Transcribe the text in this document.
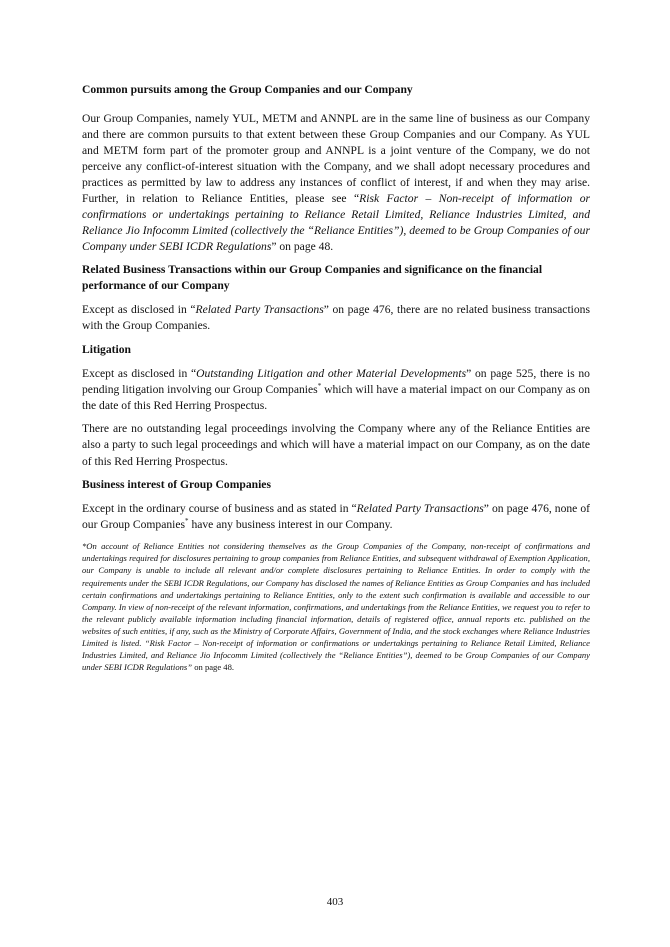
Common pursuits among the Group Companies and our Company
Our Group Companies, namely YUL, METM and ANNPL are in the same line of business as our Company and there are common pursuits to that extent between these Group Companies and our Company. As YUL and METM form part of the promoter group and ANNPL is a joint venture of the Company, we do not perceive any conflict-of-interest situation with the Company, and we shall adopt necessary procedures and practices as permitted by law to address any instances of conflict of interest, if and when they may arise. Further, in relation to Reliance Entities, please see “Risk Factor – Non-receipt of information or confirmations or undertakings pertaining to Reliance Retail Limited, Reliance Industries Limited, and Reliance Jio Infocomm Limited (collectively the “Reliance Entities”), deemed to be Group Companies of our Company under SEBI ICDR Regulations” on page 48.
Related Business Transactions within our Group Companies and significance on the financial performance of our Company
Except as disclosed in “Related Party Transactions” on page 476, there are no related business transactions with the Group Companies.
Litigation
Except as disclosed in “Outstanding Litigation and other Material Developments” on page 525, there is no pending litigation involving our Group Companies* which will have a material impact on our Company as on the date of this Red Herring Prospectus.
There are no outstanding legal proceedings involving the Company where any of the Reliance Entities are also a party to such legal proceedings and which will have a material impact on our Company, as on the date of this Red Herring Prospectus.
Business interest of Group Companies
Except in the ordinary course of business and as stated in “Related Party Transactions” on page 476, none of our Group Companies* have any business interest in our Company.
*On account of Reliance Entities not considering themselves as the Group Companies of the Company, non-receipt of confirmations and undertakings required for disclosures pertaining to group companies from Reliance Entities, and subsequent withdrawal of Exemption Application, our Company is unable to include all relevant and/or complete disclosures pertaining to Reliance Entities. In order to comply with the requirements under the SEBI ICDR Regulations, our Company has disclosed the names of Reliance Entities as Group Companies and has included certain confirmations and undertakings pertaining to Reliance Entities, only to the extent such confirmation is available and accessible to our Company. In view of non-receipt of the relevant information, confirmations, and undertakings from the Reliance Entities, we request you to refer to the relevant publicly available information including financial information, details of registered office, annual reports etc. published on the websites of such entities, if any, such as the Ministry of Corporate Affairs, Government of India, and the stock exchanges where Reliance Industries Limited is listed. “Risk Factor – Non-receipt of information or confirmations or undertakings pertaining to Reliance Retail Limited, Reliance Industries Limited, and Reliance Jio Infocomm Limited (collectively the “Reliance Entities”), deemed to be Group Companies of our Company under SEBI ICDR Regulations” on page 48.
403
